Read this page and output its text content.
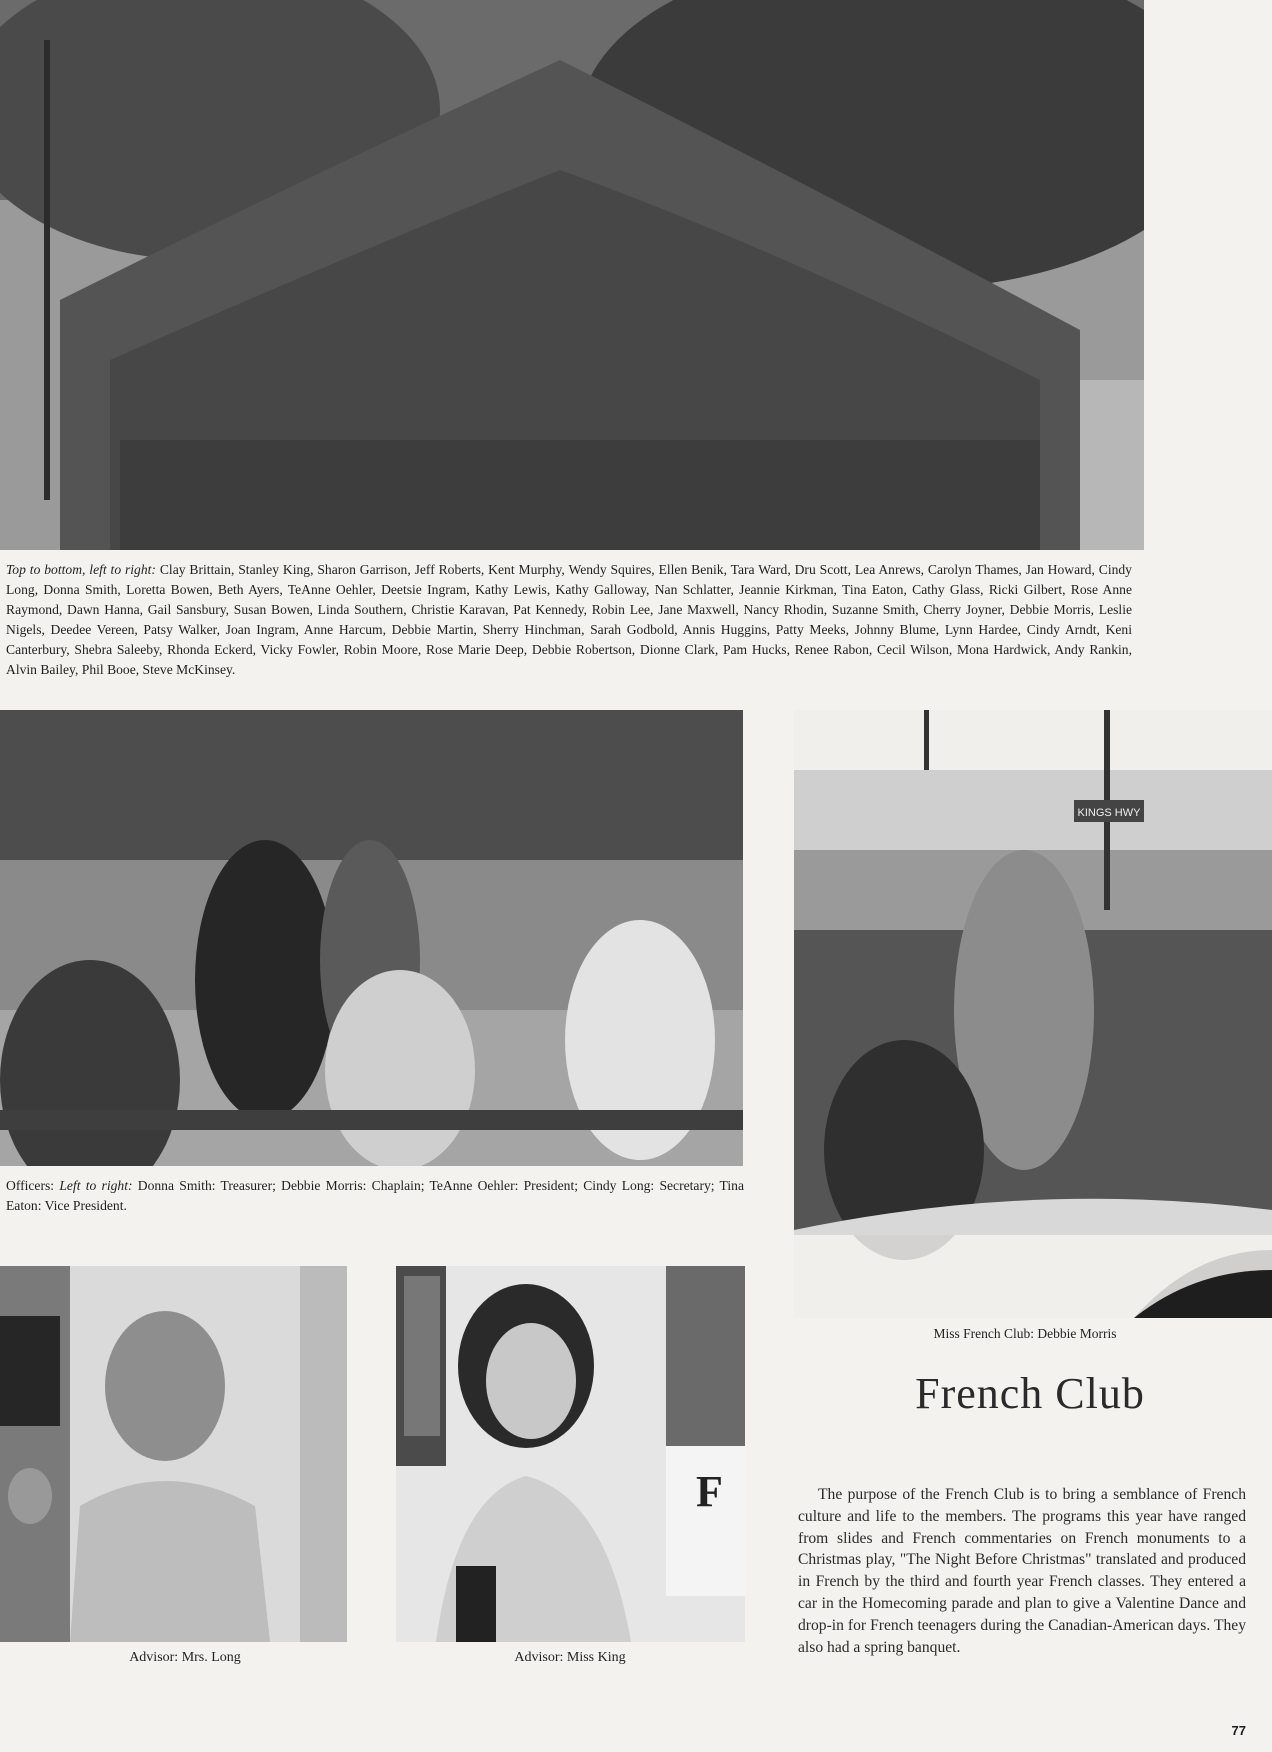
Top to bottom, left to right: Clay Brittain, Stanley King, Sharon Garrison, Jeff Roberts, Kent Murphy, Wendy Squires, Ellen Benik, Tara Ward, Dru Scott, Lea Anrews, Carolyn Thames, Jan Howard, Cindy Long, Donna Smith, Loretta Bowen, Beth Ayers, TeAnne Oehler, Deetsie Ingram, Kathy Lewis, Kathy Galloway, Nan Schlatter, Jeannie Kirkman, Tina Eaton, Cathy Glass, Ricki Gilbert, Rose Anne Raymond, Dawn Hanna, Gail Sansbury, Susan Bowen, Linda Southern, Christie Karavan, Pat Kennedy, Robin Lee, Jane Maxwell, Nancy Rhodin, Suzanne Smith, Cherry Joyner, Debbie Morris, Leslie Nigels, Deedee Vereen, Patsy Walker, Joan Ingram, Anne Harcum, Debbie Martin, Sherry Hinchman, Sarah Godbold, Annis Huggins, Patty Meeks, Johnny Blume, Lynn Hardee, Cindy Arndt, Keni Canterbury, Shebra Saleeby, Rhonda Eckerd, Vicky Fowler, Robin Moore, Rose Marie Deep, Debbie Robertson, Dionne Clark, Pam Hucks, Renee Rabon, Cecil Wilson, Mona Hardwick, Andy Rankin, Alvin Bailey, Phil Booe, Steve McKinsey.
Officers: Left to right: Donna Smith: Treasurer; Debbie Morris: Chaplain; TeAnne Oehler: President; Cindy Long: Secretary; Tina Eaton: Vice President.
KINGS HWY
Miss French Club: Debbie Morris
Advisor: Mrs. Long
F
Advisor: Miss King
French Club

The purpose of the French Club is to bring a semblance of French culture and life to the members. The programs this year have ranged from slides and French commentaries on French monuments to a Christmas play, "The Night Before Christmas" translated and produced in French by the third and fourth year French classes. They entered a car in the Homecoming parade and plan to give a Valentine Dance and drop-in for French teenagers during the Canadian-American days. They also had a spring banquet.

77
